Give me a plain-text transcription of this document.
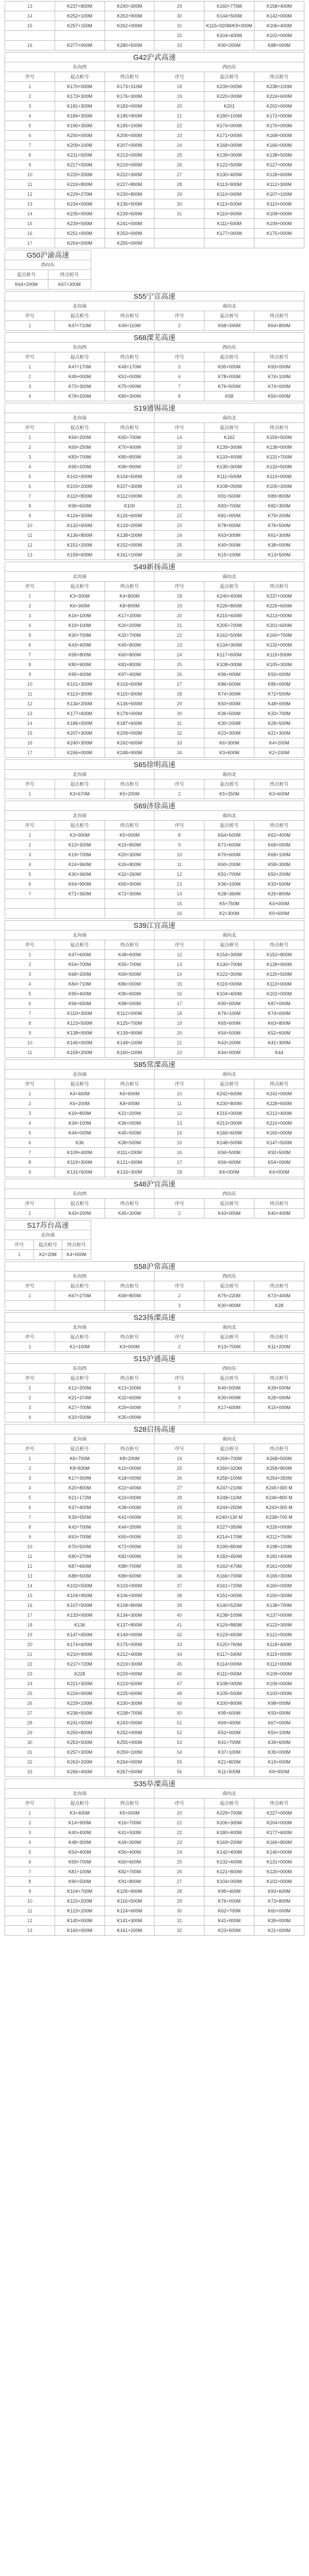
13	K237+800M	K240+300M	29	K160+775M	K158+400M
14	K252+100M	K253+900M	30	K144+500M	K142+000M
15	K257+150M	K262+000M	31	K115+920M/K9+000M	K106+400M
			32	K104+400M	K102+000M
16	K277+000M	K280+500M	33	K90+200M	K88+000M
G42沪武高速					
东向西			西向东		
序号	起点桩号	终点桩号	序号	起点桩号	终点桩号
1	K170+000M	K173+310M	18	K239+000M	K238+100M
2	K173+300M	K176+300M	19	K220+300M	K224+600M
3	K181+300M	K183+000M	20	K201	K202+000M
4	K184+300M	K185+900M	21	K180+100M	K172+000M
5	K190+350M	K195+100M	22	K174+000M	K170+000M
6	K200+000M	K205+000M	23	K171+000M	K168+000M
7	K209+100M	K207+000M	24	K168+000M	K166+000M
8	K211+000M	K213+000M	25	K139+000M	K138+500M
9	K217+000M	K219+000M	26	K122+500M	K127+000M
10	K220+200M	K222+300M	27	K130+400M	K128+600M
11	K224+800M	K227+800M	28	K113+900M	K112+300M
12	K229+270M	K230+800M	29	K110+000M	K107+100M
13	K234+000M	K236+500M	30	K113+500M	K110+000M
14	K235+000M	K239+500M	31	K110+900M	K108+000M
15	K239+500M	K241+000M		K111+500M	K109+000M
16	K251+000M	K253+000M		K177+000M	K175+000M
17	K254+000M	K255+000M			
G50沪渝高速	
西向东	
起点桩号	终点桩号
K64+200M	K67+300M
S55宁宣高速					
北向南			南向北		
序号	起点桩号	终点桩号	序号	起点桩号	终点桩号
1	K47+710M	K49+110M	2	K68+340M	K64+800M
S68溧芜高速					
东向西			西向东		
序号	起点桩号	终点桩号	序号	起点桩号	终点桩号
1	K47+170M	K49+170M	5	K95+000M	K93+000M
2	K49+000M	K51+000M	6	K78+000M	K74+100M
3	K73+300M	K75+000M	7	K76+500M	K74+000M
4	K78+200M	K80+300M	8	K58	K56+000M
S19通锡高速					
北向南			南向北		
序号	起点桩号	终点桩号	序号	起点桩号	终点桩号
1	K64+200M	K65+700M	14	K162	K159+500M
2	K69+250M	K70+400M	15	K139+300M	K138+000M
3	K83+700M	K85+800M	16	K133+400M	K131+700M
4	K95+200M	K96+900M	17	K135+300M	K133+500M
5	K102+900M	K104+500M	18	K111+500M	K110+000M
6	K103+200M	K107+300M	19	K108+000M	K105+300M
7	K110+800M	K112+000M	20	K91+500M	K89+800M
8	K96+600M	K100	21	K83+700M	K82+300M
9	K124+300M	K126+600M	22	K81+000M	K79+200M
10	K132+600M	K133+200M	23	K78+000M	K76+500M
11	K136+800M	K138+200M	24	K63+300M	K61+300M
12	K151+200M	K152+000M	25	K40+300M	K38+000M
13	K159+600M	K161+100M	26	K15+100M	K13+500M
S49新扬高速					
北向南			南向北		
序号	起点桩号	终点桩号	序号	起点桩号	终点桩号
1	K3+300M	K4+800M	18	K240+400M	K237+000M
2	K6+300M	K8+800M	19	K226+800M	K225+600M
3	K16+100M	K17+200M	20	K215+600M	K213+000M
4	K19+100M	K20+200M	21	K205+700M	K201+600M
5	K30+700M	K32+700M	22	K162+500M	K160+700M
6	K43+400M	K45+800M	23	K134+300M	K132+000M
7	K58+800M	K60+800M	24	K117+600M	K115+500M
8	K80+900M	K83+800M	25	K108+000M	K105+300M
9	K95+400M	K97+400M	26	K96+000M	K93+000M
10	K101+300M	K103+600M	27	K86+600M	K85+000M
11	K113+300M	K115+300M	28	K74+300M	K72+500M
12	K134+200M	K136+500M	29	K50+000M	K48+000M
13	K177+600M	K179+000M	30	K36+500M	K33+700M
14	K186+000M	K187+600M	31	K30+200M	K28+500M
15	K207+300M	K209+000M	32	K23+300M	K21+300M
16	K240+300M	K242+600M	33	K6+300M	K4+200M
17	K246+000M	K248+900M	34	K3+600M	K2+200M
S65徐明高速					
北向南			南向北		
序号	起点桩号	终点桩号	序号	起点桩号	终点桩号
1	K3+670M	K5+200M	2	K5+250M	K3+600M
S69济徐高速					
北向南			南向北		
序号	起点桩号	终点桩号	序号	起点桩号	终点桩号
1	K3+900M	K5+000M	8	K64+500M	K62+400M
2	K13+300M	K15+800M	9	K71+600M	K68+000M
3	K19+700M	K20+300M	10	K70+600M	K68+100M
4	K24+960M	K26+800M	11	K60+200M	K58+300M
5	K30+360M	K32+260M	12	K51+700M	K50+200M
6	K64+990M	K65+900M	13	K36+100M	K33+500M
7	K71+360M	K72+300M	14	K28+360M	K25+800M
			15	K5+750M	K4+000M
			16	K2+300M	K0+600M
S39江宜高速					
北向南			南向北		
序号	起点桩号	终点桩号	序号	起点桩号	终点桩号
1	K47+600M	K48+600M	12	K154+300M	K152+800M
2	K54+700M	K55+700M	13	K130+700M	K128+900M
3	K68+200M	K69+500M	14	K122+300M	K120+500M
4	K84+710M	K86+000M	15	K115+000M	K113+000M
5	K95+400M	K96+600M	16	K104+400M	K102+000M
6	K96+650M	K98+000M	17	K90+000M	K87+000M
7	K110+300M	K112+000M	18	K76+100M	K74+000M
8	K123+500M	K125+700M	19	K65+600M	K63+800M
9	K138+000M	K139+900M	20	K54+500M	K52+600M
10	K146+000M	K148+100M	21	K43+200M	K41+300M
11	K159+200M	K160+100M	22	K44+000M	K44
S85常溧高速					
北向南			南向北		
序号	起点桩号	终点桩号	序号	起点桩号	终点桩号
1	K4+400M	K6+600M	10	K242+600M	K241+000M
2	K6+200M	K8+400M	11	K230+800M	K228+600M
3	K19+800M	K21+200M	12	K215+000M	K212+400M
4	K34+100M	K36+000M	13	K213+000M	K210+000M
5	K44+000M	K45+500M	14	K166+600M	K165+000M
6	K36	K38+500M	15	K148+500M	K147+500M
7	K109+400M	K111+200M	16	K94+500M	K92+500M
8	K119+300M	K121+300M	17	K56+600M	K54+000M
9	K131+500M	K133+300M	18	K6+000M	K4+000M
S48沪宜高速					
东向西			西向东		
序号	起点桩号	终点桩号	序号	起点桩号	终点桩号
1	K43+200M	K45+300M	2	K43+000M	K40+400M
S17苏台高速		
北向南		
序号	起点桩号	终点桩号
1	K2+20M	K4+000M
S58沪常高速					
东向西			西向东		
序号	起点桩号	终点桩号	序号	起点桩号	终点桩号
1	K67+270M	K68+800M	2	K75+220M	K73+400M
			3	K30+900M	K28
S23扬溧高速					
北向南			南向北		
序号	起点桩号	终点桩号	序号	起点桩号	终点桩号
1	K1+100M	K3+000M	2	K13+700M	K11+200M
S15沪通高速					
东向西			西向东		
序号	起点桩号	终点桩号	序号	起点桩号	终点桩号
1	K12+200M	K13+200M	5	K40+000M	K39+000M
2	K21+374M	K22+600M	6	K30+000M	K28+000M
3	K27+700M	K29+000M	7	K17+600M	K15+000M
4	K33+500M	K35+000M			
S28启扬高速					
北向南			南向北		
序号	起点桩号	终点桩号	序号	起点桩号	终点桩号
1	K6+700M	K8+200M	24	K269+700M	K268+500M
2	K8+830M	K10+000M	25	K260+320M	K258+800M
3	K17+300M	K18+000M	26	K256+100M	K254+350M
4	K20+800M	K22+400M	27	K247+210M	K245+300 M
5	K21+172M	K23+000M	28	K248+110M	K246+800 M
6	K37+400M	K38+000M	29	K244+250M	K243+300 M
7	K39+550M	K41+000M	30	K240+130 M	K238+700 M
8	K42+700M	K44+200M	31	K227+350M	K226+000M
9	K63+700M	K65+000M	32	K214+170M	K212+700M
10	K70+500M	K72+000M	33	K199+850M	K198+100M
11	K80+270M	K82+000M	34	K183+450M	K181+400M
12	K87+660M	K88+700M	35	K162+470M	K161+000M
13	K88+500M	K89+600M	36	K166+700M	K165+300M
14	K102+500M	K103+000M	37	K161+720M	K160+000M
15	K104+950M	K106+000M	38	K151+000M	K150+300M
16	K107+500M	K108+800M	39	K140+520M	K138+700M
17	K133+000M	K134+300M	40	K138+100M	K137+000M
18	K136	K137+800M	41	K124+880M	K123+300M
19	K147+650M	K149+000M	42	K123+450M	K121+500M
20	K174+600M	K175+000M	43	K120+760M	K118+400M
21	K210+900M	K212+400M	44	K117+340M	K115+000M
22	K217+720M	K219+300M	45	K114+000M	K112+000M
23	K228	K229+000M	46	K111+000M	K109+000M
24	K221+300M	K223+500M	47	K108+000M	K106+000M
25	K224+000M	K225+600M	48	K105+500M	K103+000M
26	K229+100M	K230+300M	49	K100+800M	K98+000M
27	K236+500M	K238+700M	50	K95+600M	K93+000M
28	K241+500M	K243+000M	51	K69+400M	K67+000M
29	K250+800M	K252+000M	52	K52+000M	K50+100M
30	K253+500M	K255+000M	53	K41+700M	K39+600M
31	K257+300M	K259+100M	54	K37+100M	K35+000M
32	K263+200M	K264+000M	55	K21+800M	K19+000M
33	K266+400M	K267+500M	56	K11+500M	K9+900M
S35阜溧高速					
北向南			南向北		
序号	起点桩号	终点桩号	序号	起点桩号	终点桩号
1	K3+400M	K5+000M	20	K229+700M	K227+000M
2	K14+900M	K16+700M	21	K206+300M	K204+000M
3	K40+400M	K41+500M	22	K180+400M	K177+600M
4	K48+300M	K49+300M	23	K169+200M	K166+800M
5	K54+400M	K56+400M	24	K142+400M	K140+000M
6	K59+700M	K60+600M	25	K132+400M	K131+000M
7	K81+100M	K82+700M	26	K121+800M	K120+000M
8	K90+500M	K91+800M	27	K104+000M	K102+000M
9	K104+700M	K105+900M	28	K95+400M	K93+600M
10	K115+200M	K116+500M	29	K76+000M	K73+800M
11	K123+200M	K124+600M	30	K62+700M	K60+000M
12	K140+000M	K141+300M	31	K41+000M	K39+000M
13	K160+000M	K161+200M	32	K23+500M	K21+000M
